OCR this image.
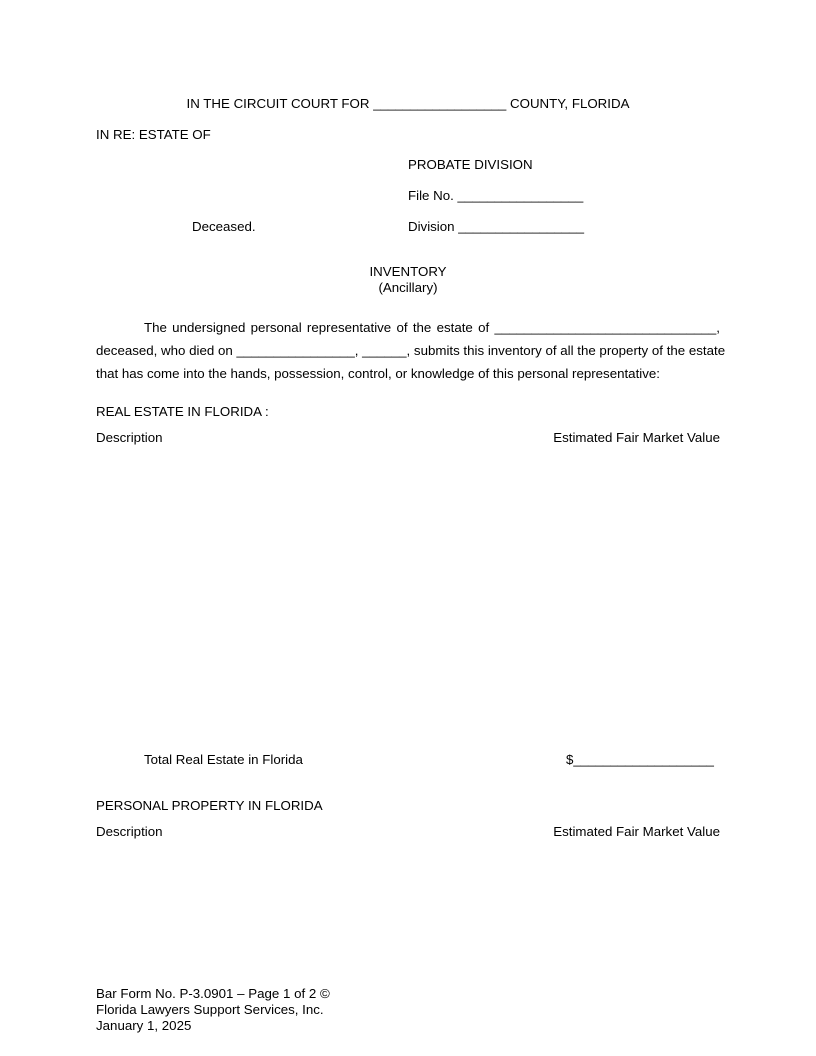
IN THE CIRCUIT COURT FOR __________________ COUNTY, FLORIDA
IN RE: ESTATE OF
PROBATE DIVISION
File No. _________________
Deceased.	Division _________________
INVENTORY
(Ancillary)
The undersigned personal representative of the estate of ______________________________,
deceased, who died on ________________, ______, submits this inventory of all the property of the estate
that has come into the hands, possession, control, or knowledge of this personal representative:
REAL ESTATE IN FLORIDA :
Description	Estimated Fair Market Value
Total Real Estate in Florida	$___________________
PERSONAL PROPERTY IN FLORIDA
Description	Estimated Fair Market Value
Bar Form No. P-3.0901 – Page 1 of 2 ©
Florida Lawyers Support Services, Inc.
January 1, 2025
